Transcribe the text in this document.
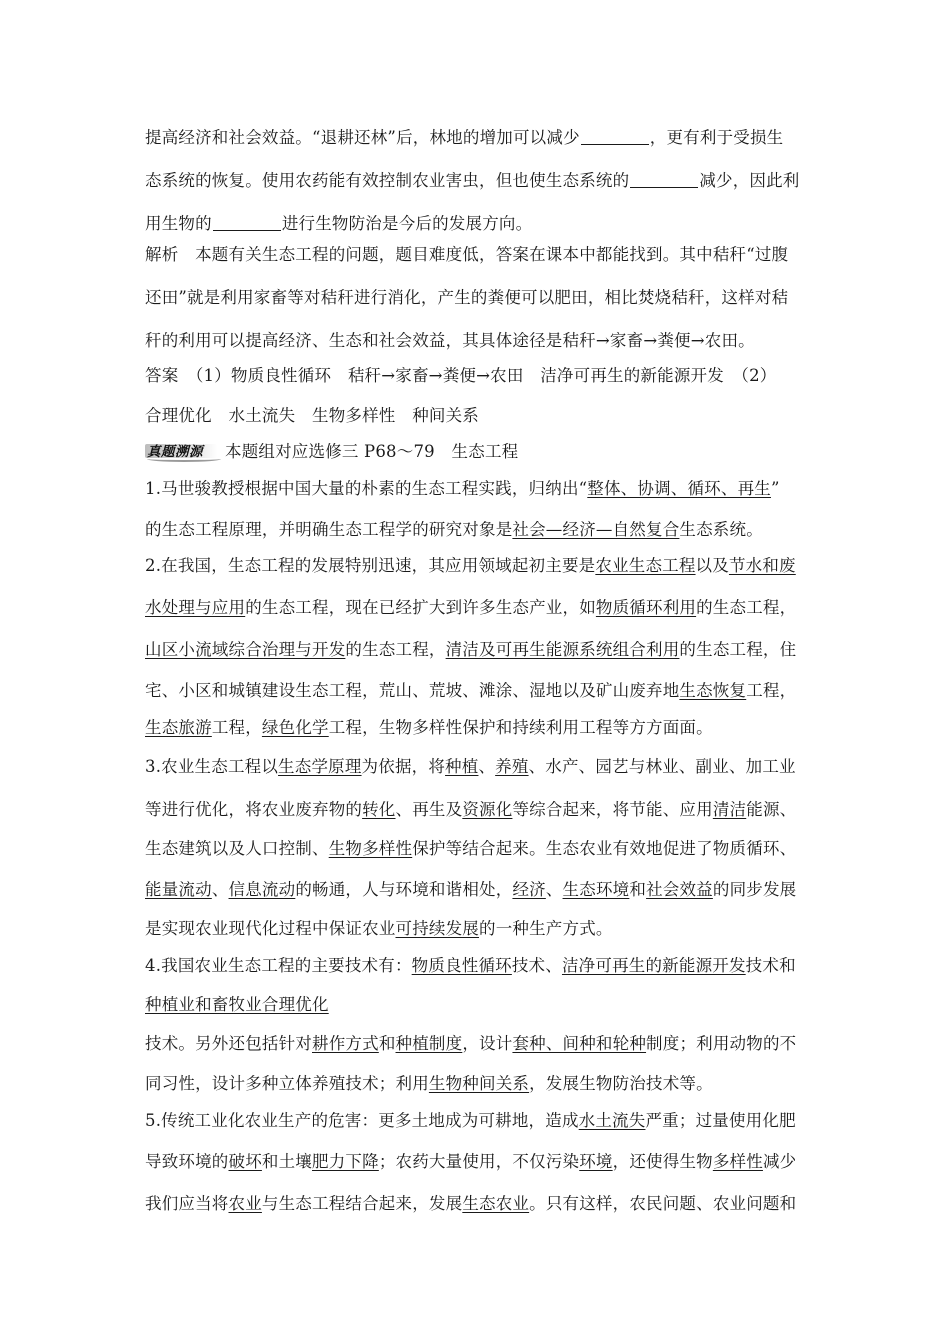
提高经济和社会效益。“退耕还林”后，林地的增加可以减少	，更有利于受损生
态系统的恢复。使用农药能有效控制农业害虫，但也使生态系统的	减少，因此利
用生物的	进行生物防治是今后的发展方向。
解析　本题有关生态工程的问题，题目难度低，答案在课本中都能找到。其中秸秆“过腹
还田”就是利用家畜等对秸秆进行消化，产生的粪便可以肥田，相比焚烧秸秆，这样对秸
秆的利用可以提高经济、生态和社会效益，其具体途径是秸秆→家畜→粪便→农田。
答案　（1）物质良性循环　秸秆→家畜→粪便→农田　洁净可再生的新能源开发　（2）
合理优化　水土流失　生物多样性　种间关系
真题溯源 本题组对应选修三 P68～79　生态工程
1.马世骏教授根据中国大量的朴素的生态工程实践，归纳出“整体、协调、循环、再生”
的生态工程原理，并明确生态工程学的研究对象是社会—经济—自然复合生态系统。
2.在我国，生态工程的发展特别迅速，其应用领域起初主要是农业生态工程以及节水和废
水处理与应用的生态工程，现在已经扩大到许多生态产业，如物质循环利用的生态工程，
山区小流域综合治理与开发的生态工程，清洁及可再生能源系统组合利用的生态工程，住
宅、小区和城镇建设生态工程，荒山、荒坡、滩涂、湿地以及矿山废弃地生态恢复工程，
生态旅游工程，绿色化学工程，生物多样性保护和持续利用工程等方方面面。
3.农业生态工程以生态学原理为依据，将种植、养殖、水产、园艺与林业、副业、加工业
等进行优化，将农业废弃物的转化、再生及资源化等综合起来，将节能、应用清洁能源、
生态建筑以及人口控制、生物多样性保护等结合起来。生态农业有效地促进了物质循环、
能量流动、信息流动的畅通，人与环境和谐相处，经济、生态环境和社会效益的同步发展
是实现农业现代化过程中保证农业可持续发展的一种生产方式。
4.我国农业生态工程的主要技术有：物质良性循环技术、洁净可再生的新能源开发技术和
种植业和畜牧业合理优化
技术。另外还包括针对耕作方式和种植制度，设计套种、间种和轮种制度；利用动物的不
同习性，设计多种立体养殖技术；利用生物种间关系，发展生物防治技术等。
5.传统工业化农业生产的危害：更多土地成为可耕地，造成水土流失严重；过量使用化肥
导致环境的破坏和土壤肥力下降；农药大量使用，不仅污染环境，还使得生物多样性减少
我们应当将农业与生态工程结合起来，发展生态农业。只有这样，农民问题、农业问题和
